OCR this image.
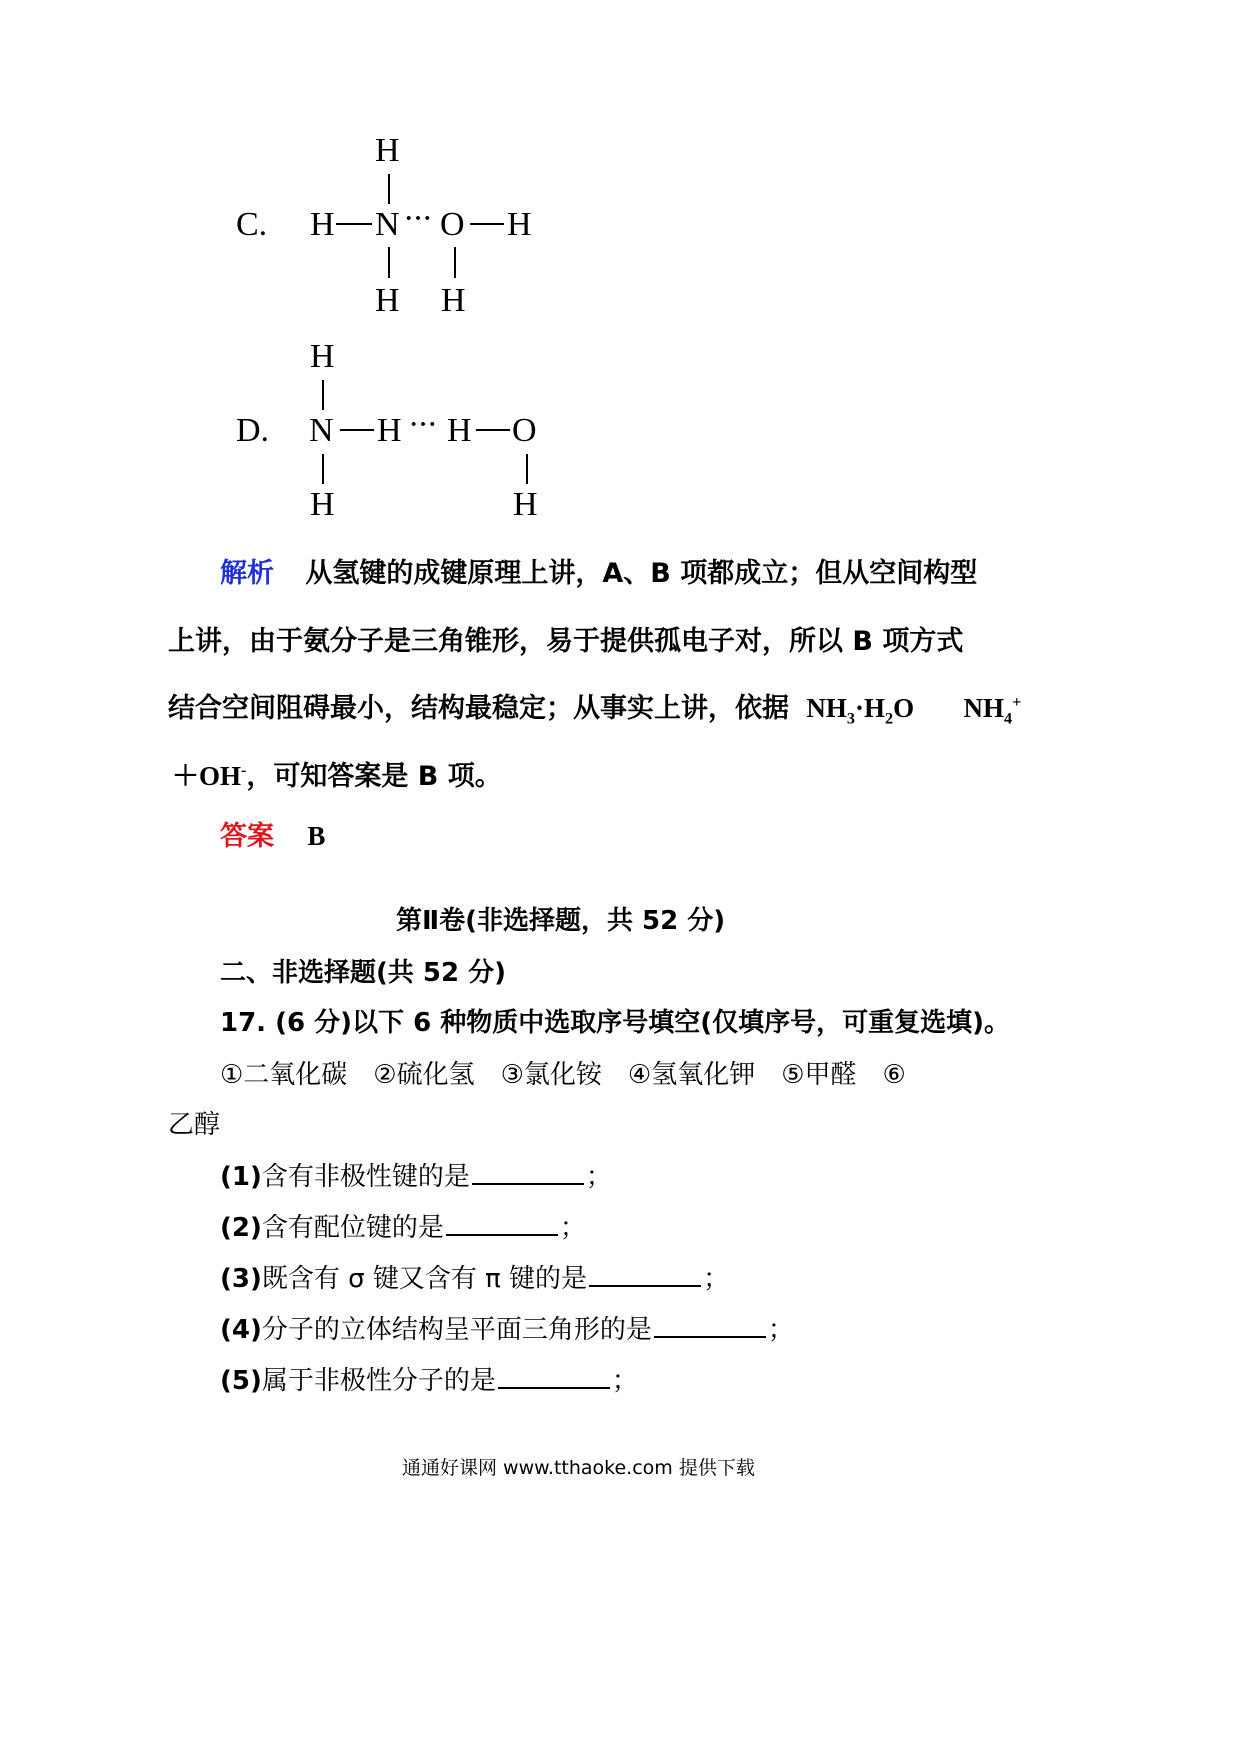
C.
H
H N ··· O H
H H
D.
H
N H ··· H O
H	H
解析 从氢键的成键原理上讲，A、B 项都成立；但从空间构型
上讲，由于氨分子是三角锥形，易于提供孤电子对，所以 B 项方式
结合空间阻碍最小，结构最稳定；从事实上讲，依据 $NH_3\cdot H_2O$ $NH_4^+$
＋OH-，可知答案是 B 项。
答案 B
第Ⅱ卷(非选择题，共 52 分)
二、非选择题(共 52 分)
17. (6 分)以下 6 种物质中选取序号填空(仅填序号，可重复选填)。
①二氧化碳　②硫化氢　③氯化铵　④氢氧化钾　⑤甲醛　⑥
乙醇
(1)含有非极性键的是	；
(2)含有配位键的是	；
(3)既含有 σ 键又含有 π 键的是	；
(4)分子的立体结构呈平面三角形的是	；
(5)属于非极性分子的是	；
通通好课网 www.tthaoke.com 提供下载
